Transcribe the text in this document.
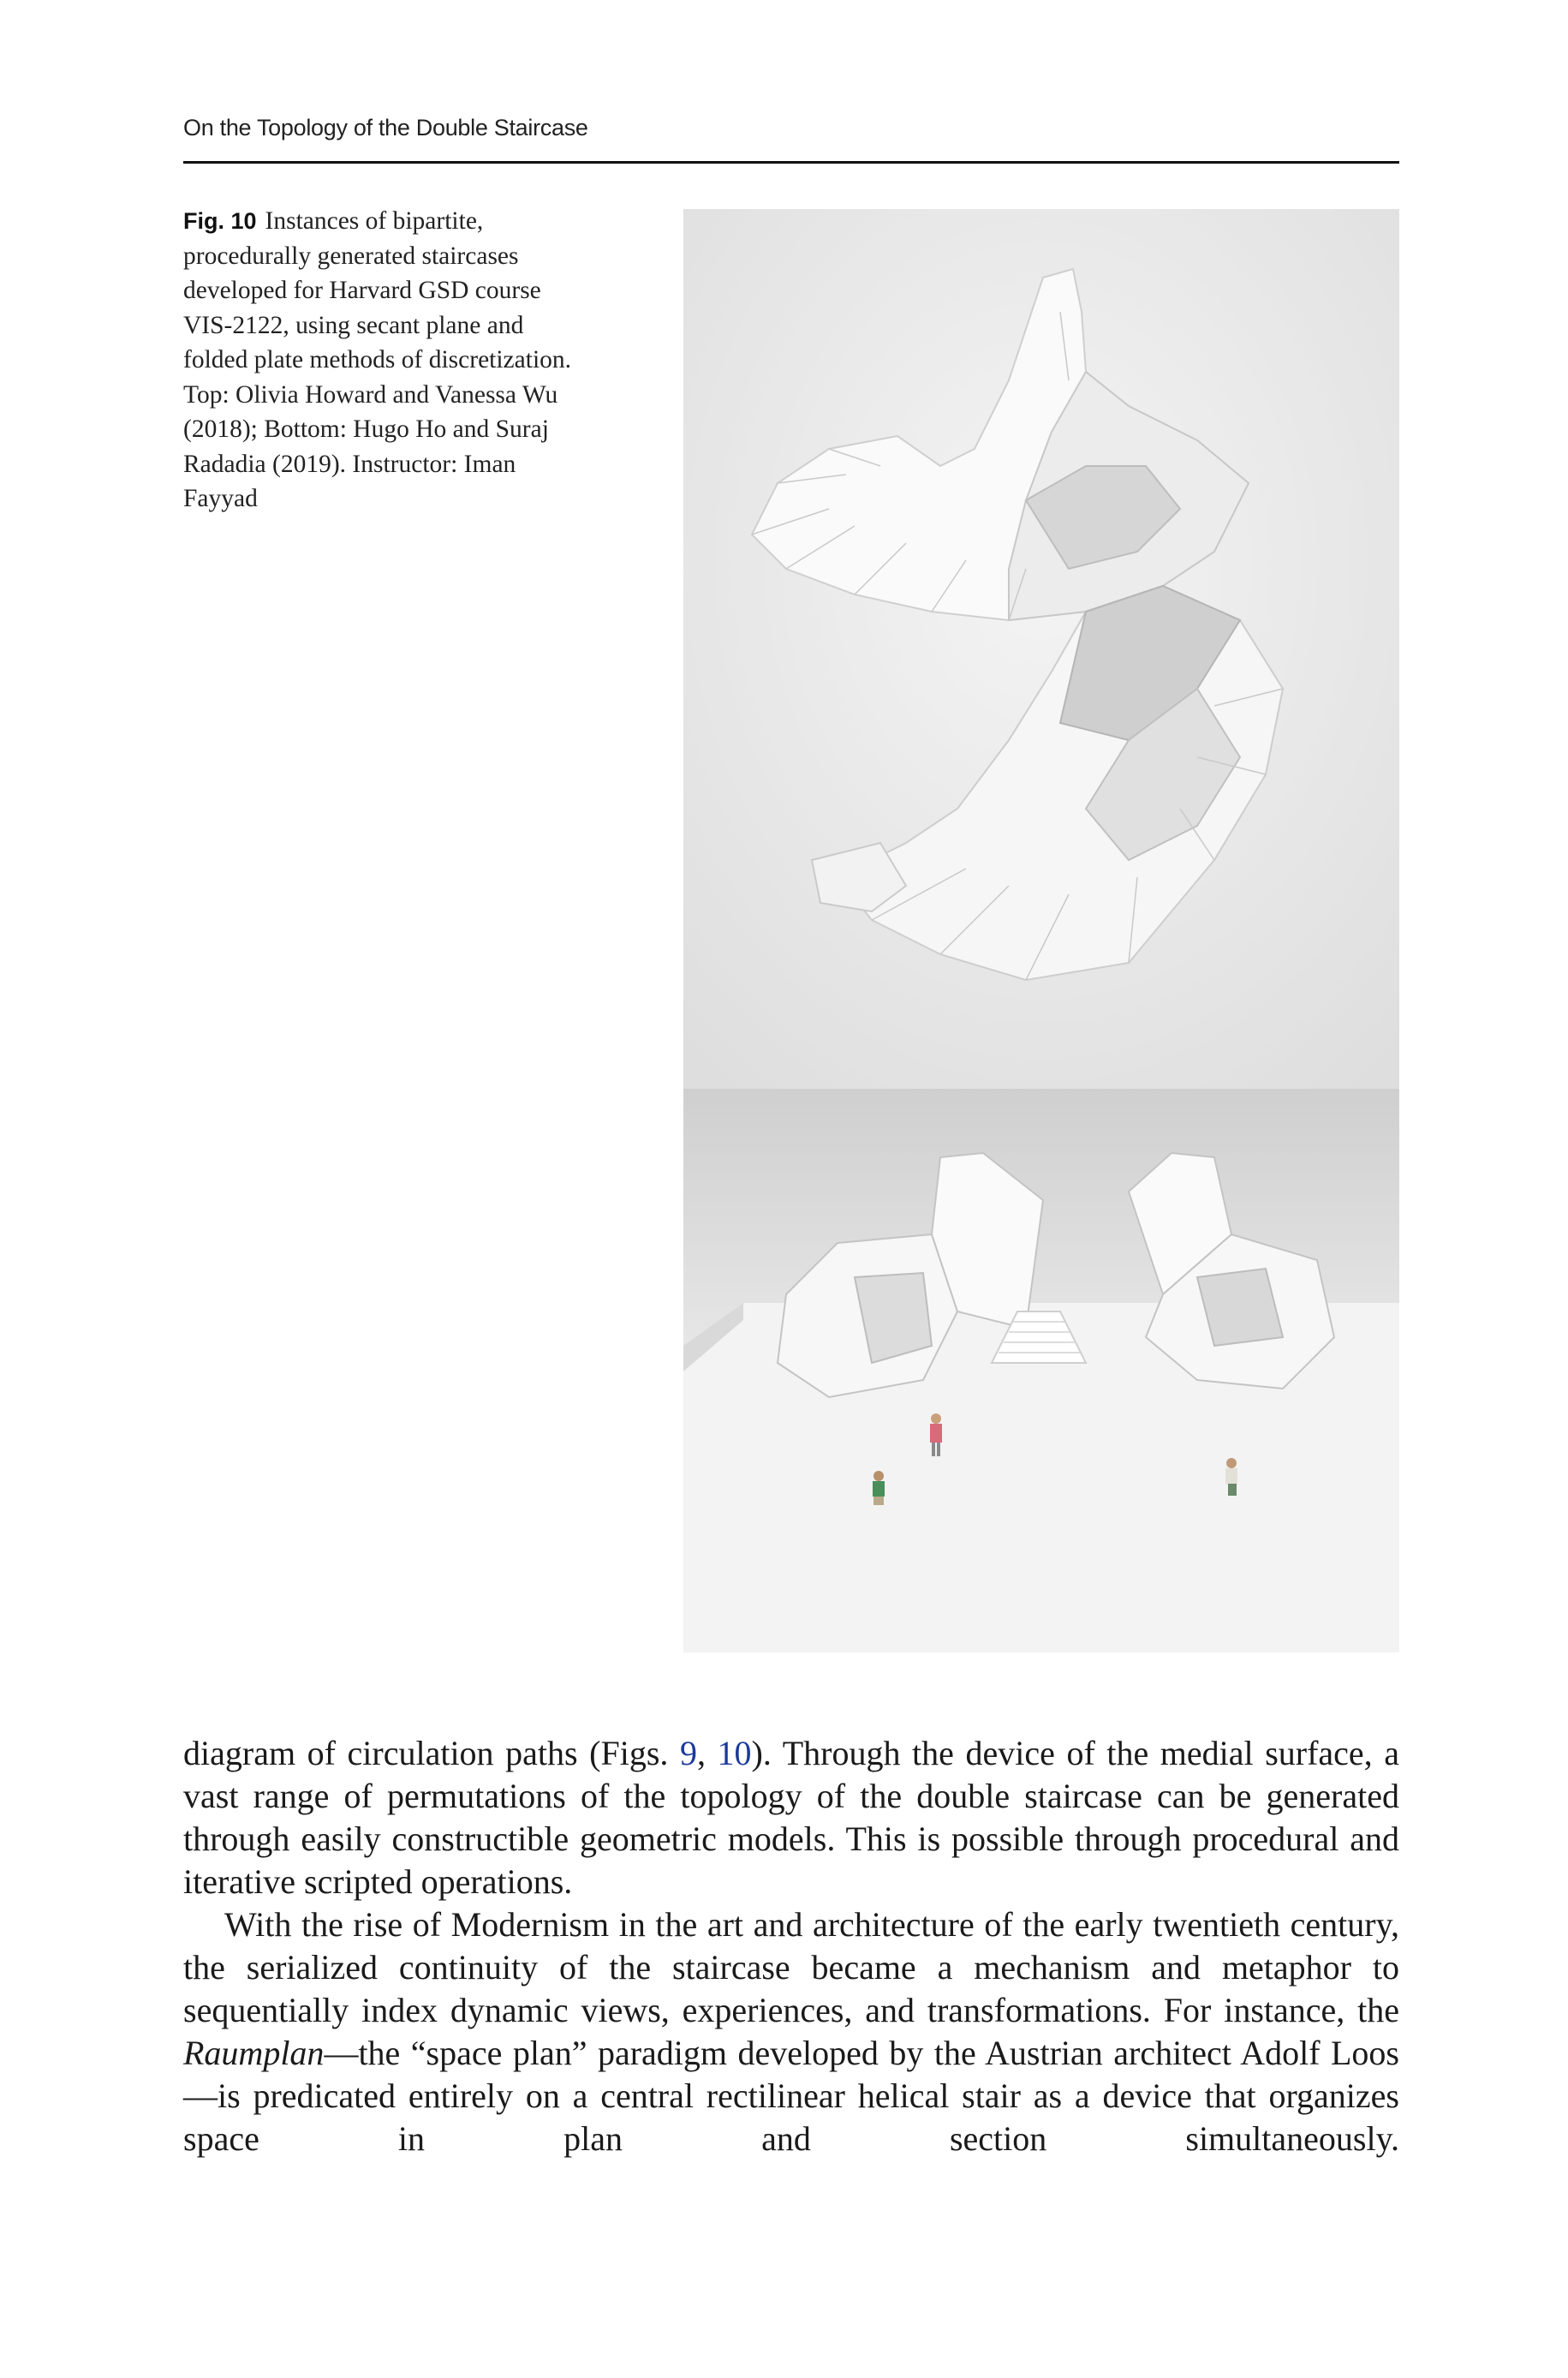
On the Topology of the Double Staircase
Fig. 10 Instances of bipartite, procedurally generated staircases developed for Harvard GSD course VIS-2122, using secant plane and folded plate methods of discretization. Top: Olivia Howard and Vanessa Wu (2018); Bottom: Hugo Ho and Suraj Radadia (2019). Instructor: Iman Fayyad

diagram of circulation paths (Figs. 9, 10). Through the device of the medial surface, a vast range of permutations of the topology of the double staircase can be generated through easily constructible geometric models. This is possible through procedural and iterative scripted operations.

With the rise of Modernism in the art and architecture of the early twentieth century, the serialized continuity of the staircase became a mechanism and metaphor to sequentially index dynamic views, experiences, and transformations. For instance, the Raumplan—the “space plan” paradigm developed by the Austrian architect Adolf Loos—is predicated entirely on a central rectilinear helical stair as a device that organizes space in plan and section simultaneously.
